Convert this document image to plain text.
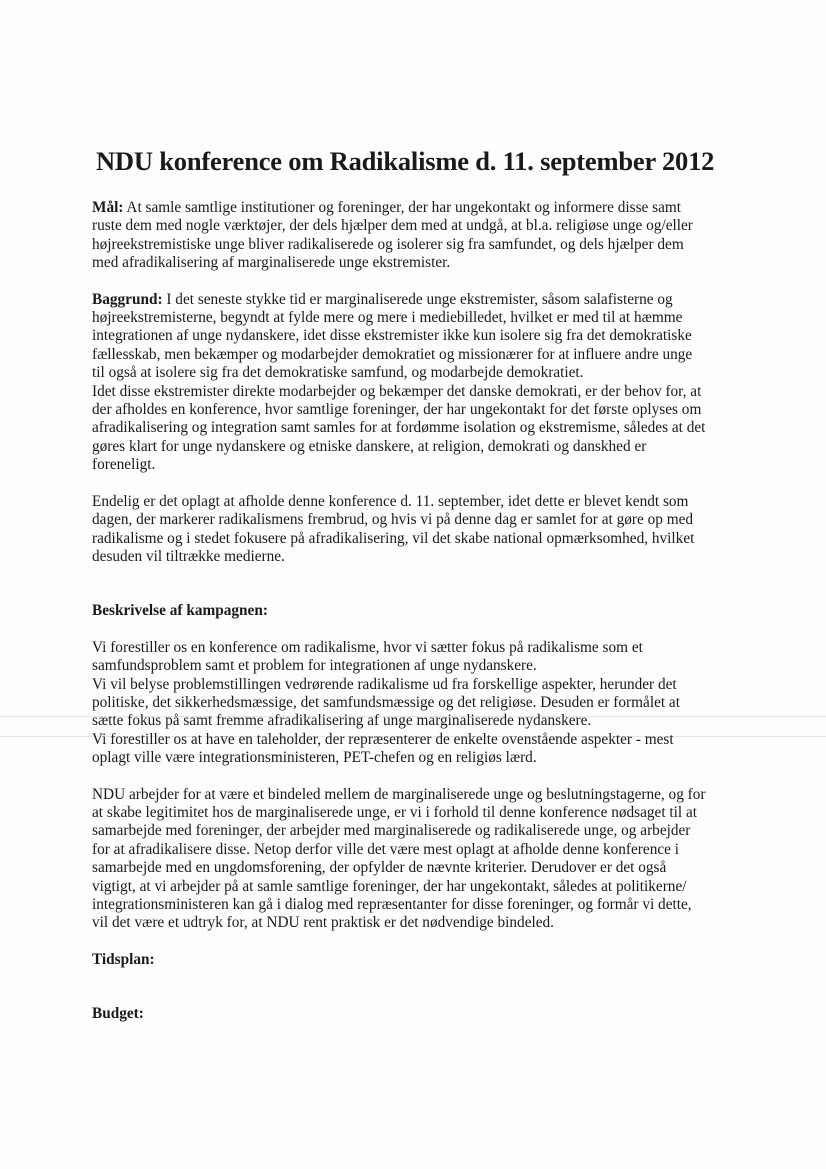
NDU konference om Radikalisme d. 11. september 2012

Mål: At samle samtlige institutioner og foreninger, der har ungekontakt og informere disse samt
ruste dem med nogle værktøjer, der dels hjælper dem med at undgå, at bl.a. religiøse unge og/eller
højreekstremistiske unge bliver radikaliserede og isolerer sig fra samfundet, og dels hjælper dem
med afradikalisering af marginaliserede unge ekstremister.

Baggrund: I det seneste stykke tid er marginaliserede unge ekstremister, såsom salafisterne og
højreekstremisterne, begyndt at fylde mere og mere i mediebilledet, hvilket er med til at hæmme
integrationen af unge nydanskere, idet disse ekstremister ikke kun isolere sig fra det demokratiske
fællesskab, men bekæmper og modarbejder demokratiet og missionærer for at influere andre unge
til også at isolere sig fra det demokratiske samfund, og modarbejde demokratiet.
Idet disse ekstremister direkte modarbejder og bekæmper det danske demokrati, er der behov for, at
der afholdes en konference, hvor samtlige foreninger, der har ungekontakt for det første oplyses om
afradikalisering og integration samt samles for at fordømme isolation og ekstremisme, således at det
gøres klart for unge nydanskere og etniske danskere, at religion, demokrati og danskhed er
foreneligt.

Endelig er det oplagt at afholde denne konference d. 11. september, idet dette er blevet kendt som
dagen, der markerer radikalismens frembrud, og hvis vi på denne dag er samlet for at gøre op med
radikalisme og i stedet fokusere på afradikalisering, vil det skabe national opmærksomhed, hvilket
desuden vil tiltrække medierne.

Beskrivelse af kampagnen:

Vi forestiller os en konference om radikalisme, hvor vi sætter fokus på radikalisme som et
samfundsproblem samt et problem for integrationen af unge nydanskere.
Vi vil belyse problemstillingen vedrørende radikalisme ud fra forskellige aspekter, herunder det
politiske, det sikkerhedsmæssige, det samfundsmæssige og det religiøse. Desuden er formålet at
sætte fokus på samt fremme afradikalisering af unge marginaliserede nydanskere.
Vi forestiller os at have en taleholder, der repræsenterer de enkelte ovenstående aspekter - mest
oplagt ville være integrationsministeren, PET-chefen og en religiøs lærd.

NDU arbejder for at være et bindeled mellem de marginaliserede unge og beslutningstagerne, og for
at skabe legitimitet hos de marginaliserede unge, er vi i forhold til denne konference nødsaget til at
samarbejde med foreninger, der arbejder med marginaliserede og radikaliserede unge, og arbejder
for at afradikalisere disse. Netop derfor ville det være mest oplagt at afholde denne konference i
samarbejde med en ungdomsforening, der opfylder de nævnte kriterier. Derudover er det også
vigtigt, at vi arbejder på at samle samtlige foreninger, der har ungekontakt, således at politikerne/
integrationsministeren kan gå i dialog med repræsentanter for disse foreninger, og formår vi dette,
vil det være et udtryk for, at NDU rent praktisk er det nødvendige bindeled.

Tidsplan:
Budget:
